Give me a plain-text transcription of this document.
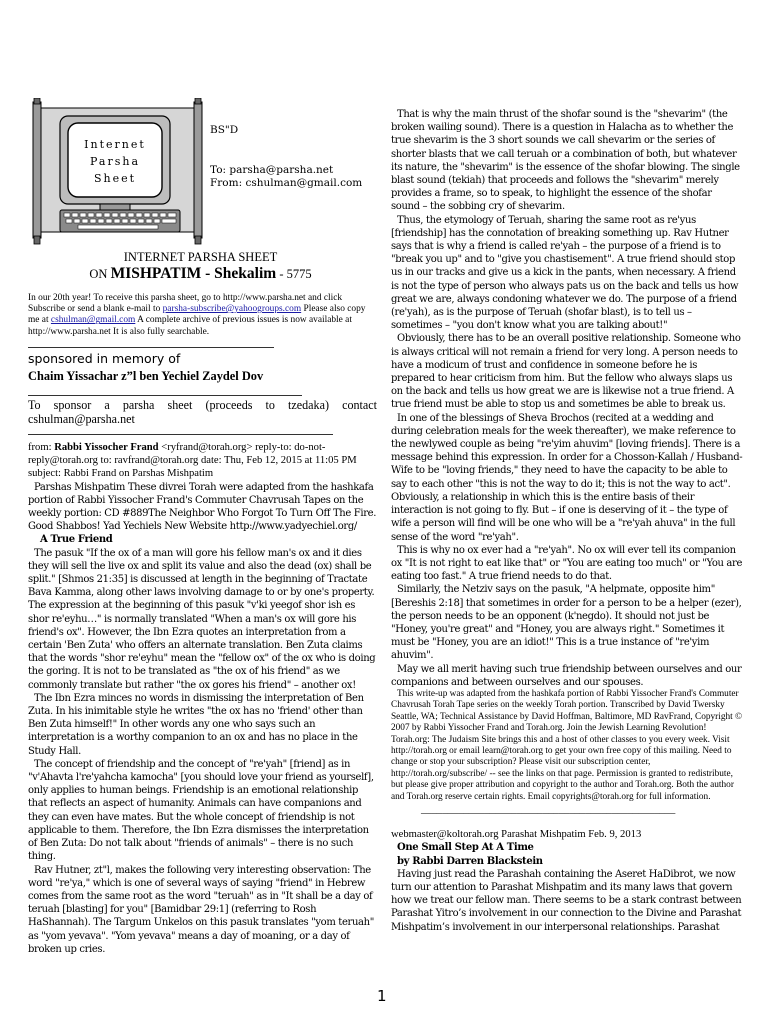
Internet
Parsha
Sheet
BS"D
To: parsha@parsha.net
From: cshulman@gmail.com
INTERNET PARSHA SHEET
ON MISHPATIM - Shekalim - 5775
In our 20th year! To receive this parsha sheet, go to http://www.parsha.net and click Subscribe or send a blank e-mail to parsha-subscribe@yahoogroups.com Please also copy me at cshulman@gmail.com A complete archive of previous issues is now available at http://www.parsha.net It is also fully searchable.
sponsored in memory of
Chaim Yissachar z”l ben Yechiel Zaydel Dov
To sponsor a parsha sheet (proceeds to tzedaka) contact
cshulman@parsha.net

from: Rabbi Yissocher Frand <ryfrand@torah.org> reply-to: do-not-reply@torah.org to: ravfrand@torah.org date: Thu, Feb 12, 2015 at 11:05 PM subject: Rabbi Frand on Parshas Mishpatim

Parshas Mishpatim These divrei Torah were adapted from the hashkafa portion of Rabbi Yissocher Frand's Commuter Chavrusah Tapes on the weekly portion: CD #889The Neighbor Who Forgot To Turn Off The Fire. Good Shabbos! Yad Yechiels New Website http://www.yadyechiel.org/

A True Friend

The pasuk "If the ox of a man will gore his fellow man's ox and it dies they will sell the live ox and split its value and also the dead (ox) shall be split." [Shmos 21:35] is discussed at length in the beginning of Tractate Bava Kamma, along other laws involving damage to or by one's property. The expression at the beginning of this pasuk "v'ki yeegof shor ish es shor re'eyhu…" is normally translated "When a man's ox will gore his friend's ox". However, the Ibn Ezra quotes an interpretation from a certain 'Ben Zuta' who offers an alternate translation. Ben Zuta claims that the words "shor re'eyhu" mean the "fellow ox" of the ox who is doing the goring. It is not to be translated as "the ox of his friend" as we commonly translate but rather "the ox gores his friend" – another ox!

The Ibn Ezra minces no words in dismissing the interpretation of Ben Zuta. In his inimitable style he writes "the ox has no 'friend' other than Ben Zuta himself!" In other words any one who says such an interpretation is a worthy companion to an ox and has no place in the Study Hall.

The concept of friendship and the concept of "re'yah" [friend] as in "v'Ahavta l're'yahcha kamocha" [you should love your friend as yourself], only applies to human beings. Friendship is an emotional relationship that reflects an aspect of humanity. Animals can have companions and they can even have mates. But the whole concept of friendship is not applicable to them. Therefore, the Ibn Ezra dismisses the interpretation of Ben Zuta: Do not talk about "friends of animals" – there is no such thing.

Rav Hutner, zt"l, makes the following very interesting observation: The word "re'ya," which is one of several ways of saying "friend" in Hebrew comes from the same root as the word "teruah" as in "It shall be a day of teruah [blasting] for you" [Bamidbar 29:1] (referring to Rosh HaShannah). The Targum Unkelos on this pasuk translates "yom teruah" as "yom yevava". "Yom yevava" means a day of moaning, or a day of broken up cries.

That is why the main thrust of the shofar sound is the "shevarim" (the broken wailing sound). There is a question in Halacha as to whether the true shevarim is the 3 short sounds we call shevarim or the series of shorter blasts that we call teruah or a combination of both, but whatever its nature, the "shevarim" is the essence of the shofar blowing. The single blast sound (tekiah) that proceeds and follows the "shevarim" merely provides a frame, so to speak, to highlight the essence of the shofar sound – the sobbing cry of shevarim.

Thus, the etymology of Teruah, sharing the same root as re'yus [friendship] has the connotation of breaking something up. Rav Hutner says that is why a friend is called re'yah – the purpose of a friend is to "break you up" and to "give you chastisement". A true friend should stop us in our tracks and give us a kick in the pants, when necessary. A friend is not the type of person who always pats us on the back and tells us how great we are, always condoning whatever we do. The purpose of a friend (re'yah), as is the purpose of Teruah (shofar blast), is to tell us – sometimes – "you don't know what you are talking about!"

Obviously, there has to be an overall positive relationship. Someone who is always critical will not remain a friend for very long. A person needs to have a modicum of trust and confidence in someone before he is prepared to hear criticism from him. But the fellow who always slaps us on the back and tells us how great we are is likewise not a true friend. A true friend must be able to stop us and sometimes be able to break us.

In one of the blessings of Sheva Brochos (recited at a wedding and during celebration meals for the week thereafter), we make reference to the newlywed couple as being "re'yim ahuvim" [loving friends]. There is a message behind this expression. In order for a Chosson-Kallah / Husband-Wife to be "loving friends," they need to have the capacity to be able to say to each other "this is not the way to do it; this is not the way to act". Obviously, a relationship in which this is the entire basis of their interaction is not going to fly. But – if one is deserving of it – the type of wife a person will find will be one who will be a "re'yah ahuva" in the full sense of the word "re'yah".

This is why no ox ever had a "re'yah". No ox will ever tell its companion ox "It is not right to eat like that" or "You are eating too much" or "You are eating too fast." A true friend needs to do that.

Similarly, the Netziv says on the pasuk, "A helpmate, opposite him" [Bereshis 2:18] that sometimes in order for a person to be a helper (ezer), the person needs to be an opponent (k'negdo). It should not just be "Honey, you're great" and "Honey, you are always right." Sometimes it must be "Honey, you are an idiot!" This is a true instance of "re'yim ahuvim".

May we all merit having such true friendship between ourselves and our companions and between ourselves and our spouses.

This write-up was adapted from the hashkafa portion of Rabbi Yissocher Frand's Commuter Chavrusah Torah Tape series on the weekly Torah portion. Transcribed by David Twersky Seattle, WA; Technical Assistance by David Hoffman, Baltimore, MD RavFrand, Copyright © 2007 by Rabbi Yissocher Frand and Torah.org. Join the Jewish Learning Revolution! Torah.org: The Judaism Site brings this and a host of other classes to you every week. Visit http://torah.org or email learn@torah.org to get your own free copy of this mailing. Need to change or stop your subscription? Please visit our subscription center, http://torah.org/subscribe/ -- see the links on that page. Permission is granted to redistribute, but please give proper attribution and copyright to the author and Torah.org. Both the author and Torah.org reserve certain rights. Email copyrights@torah.org for full information.

________________________________________________

webmaster@koltorah.org Parashat Mishpatim Feb. 9, 2013

One Small Step At A Time

by Rabbi Darren Blackstein

Having just read the Parashah containing the Aseret HaDibrot, we now turn our attention to Parashat Mishpatim and its many laws that govern how we treat our fellow man. There seems to be a stark contrast between Parashat Yitro’s involvement in our connection to the Divine and Parashat Mishpatim’s involvement in our interpersonal relationships. Parashat

1
